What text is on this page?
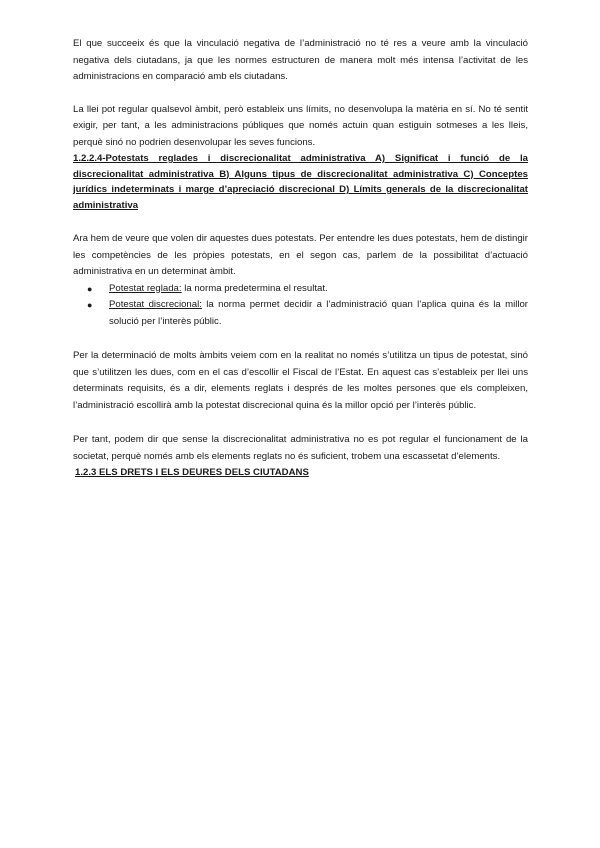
El que succeeix és que la vinculació negativa de l’administració no té res a veure amb la vinculació negativa dels ciutadans, ja que les normes estructuren de manera molt més intensa l’activitat de les administracions en comparació amb els ciutadans.

La llei pot regular qualsevol àmbit, però estableix uns límits, no desenvolupa la matèria en sí. No té sentit exigir, per tant, a les administracions públiques que només actuin quan estiguin sotmeses a les lleis, perquè sinó no podrien desenvolupar les seves funcions.

1.2.2.4-Potestats reglades i discrecionalitat administrativa A) Significat i funció de la discrecionalitat administrativa B) Alguns tipus de discrecionalitat administrativa C) Conceptes jurídics indeterminats i marge d’apreciació discrecional D) Límits generals de la discrecionalitat administrativa

Ara hem de veure que volen dir aquestes dues potestats. Per entendre les dues potestats, hem de distingir les competències de les pròpies potestats, en el segon cas, parlem de la possibilitat d’actuació administrativa en un determinat àmbit.

● Potestat reglada: la norma predetermina el resultat.
● Potestat discrecional: la norma permet decidir a l’administració quan l’aplica quina és la millor solució per l’interès públic.

Per la determinació de molts àmbits veiem com en la realitat no només s’utilitza un tipus de potestat, sinó que s’utilitzen les dues, com en el cas d’escollir el Fiscal de l’Estat. En aquest cas s’estableix per llei uns determinats requisits, és a dir, elements reglats i després de les moltes persones que els compleixen, l’administració escollirà amb la potestat discrecional quina és la millor opció per l’interès públic.

Per tant, podem dir que sense la discrecionalitat administrativa no es pot regular el funcionament de la societat, perquè només amb els elements reglats no és suficient, trobem una escassetat d’elements.

1.2.3 ELS DRETS I ELS DEURES DELS CIUTADANS
